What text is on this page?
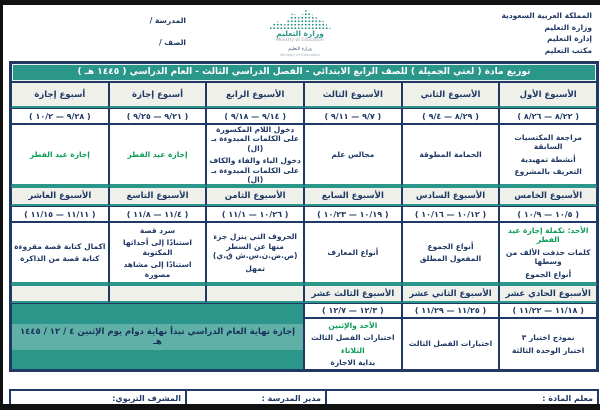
المملكة العربية السعودية
وزارة التعليم
إدارة التعليم
مكتب التعليم
وزارة التعليم
Ministry of Education
وزارة التعليم
Ministry of Education
المدرسة /
الصف /
توزيع مادة ( لغتي الجميلة ) للصف الرابع الابتدائي - الفصل الدراسي الثالث - العام الدراسي ( ١٤٤٥ هـ )
الأسبوع الأول
الأسبوع الثاني
الأسبوع الثالث
الأسبوع الرابع
أسبوع إجازة
أسبوع إجازة
( ٨/٢٢ — ٨/٢٦ )
( ٨/٢٩ — ٩/٤ )
( ٩/٧ — ٩/١١ )
( ٩/١٤ — ٩/١٨ )
( ٩/٢١ — ٩/٢٥ )
( ٩/٢٨ — ١٠/٢ )
مراجعة المكتسبات السابقة
أنشطة تمهيدية
التعريف بالمشروع
الحمامة المطوقة
مجالس علم
دخول اللام المكسورة على الكلمات المبدوءة بـ (ال)
دخول الباء والفاء والكاف على الكلمات المبدوءة بـ (ال)
إجازة عيد الفطر
إجازة عيد الفطر
الأسبوع الخامس
الأسبوع السادس
الأسبوع السابع
الأسبوع الثامن
الأسبوع التاسع
الأسبوع العاشر
( ١٠/٥ — ١٠/٩ )
( ١٠/١٢ — ١٠/١٦ )
( ١٠/١٩ — ١٠/٢٣ )
( ١٠/٢٦ — ١١/١ )
( ١١/٤ — ١١/٨ )
( ١١/١١ — ١١/١٥ )
الأحد: تكملة إجازة عيد الفطر
كلمات حذفت الألف من وسطها
أنواع الجموع
أنواع الجموع
المفعول المطلق
أنواع المعارف
الحروف التي ينزل جزء منها عن السطر (ص.ض.ن.س.ش ق.ي)
تمهل
سرد قصة
استنادًا إلى أحداثها المكتوبة
استنادًا إلى مشاهد مصورة
اكمال كتابة قصة مقروءة
كتابة قصة من الذاكرة
الأسبوع الحادي عشر
الأسبوع الثاني عشر
الأسبوع الثالث عشر
( ١١/١٨ — ١١/٢٢ )
( ١١/٢٥ — ١١/٢٩ )
( ١٢/٣ — ١٢/٧ )
نموذج اختبار ٣
اختبار الوحدة الثالثة
اختبارات الفصل الثالث
الأحد والإثنين
اختبارات الفصل الثالث
الثلاثاء
بداية الاجازة
إجازة نهاية العام الدراسي تبدأ نهاية دوام يوم الإثنين ٤ / ١٢ / ١٤٤٥ هـ
معلم المادة :
مدير المدرسة :
المشرف التربوي:
